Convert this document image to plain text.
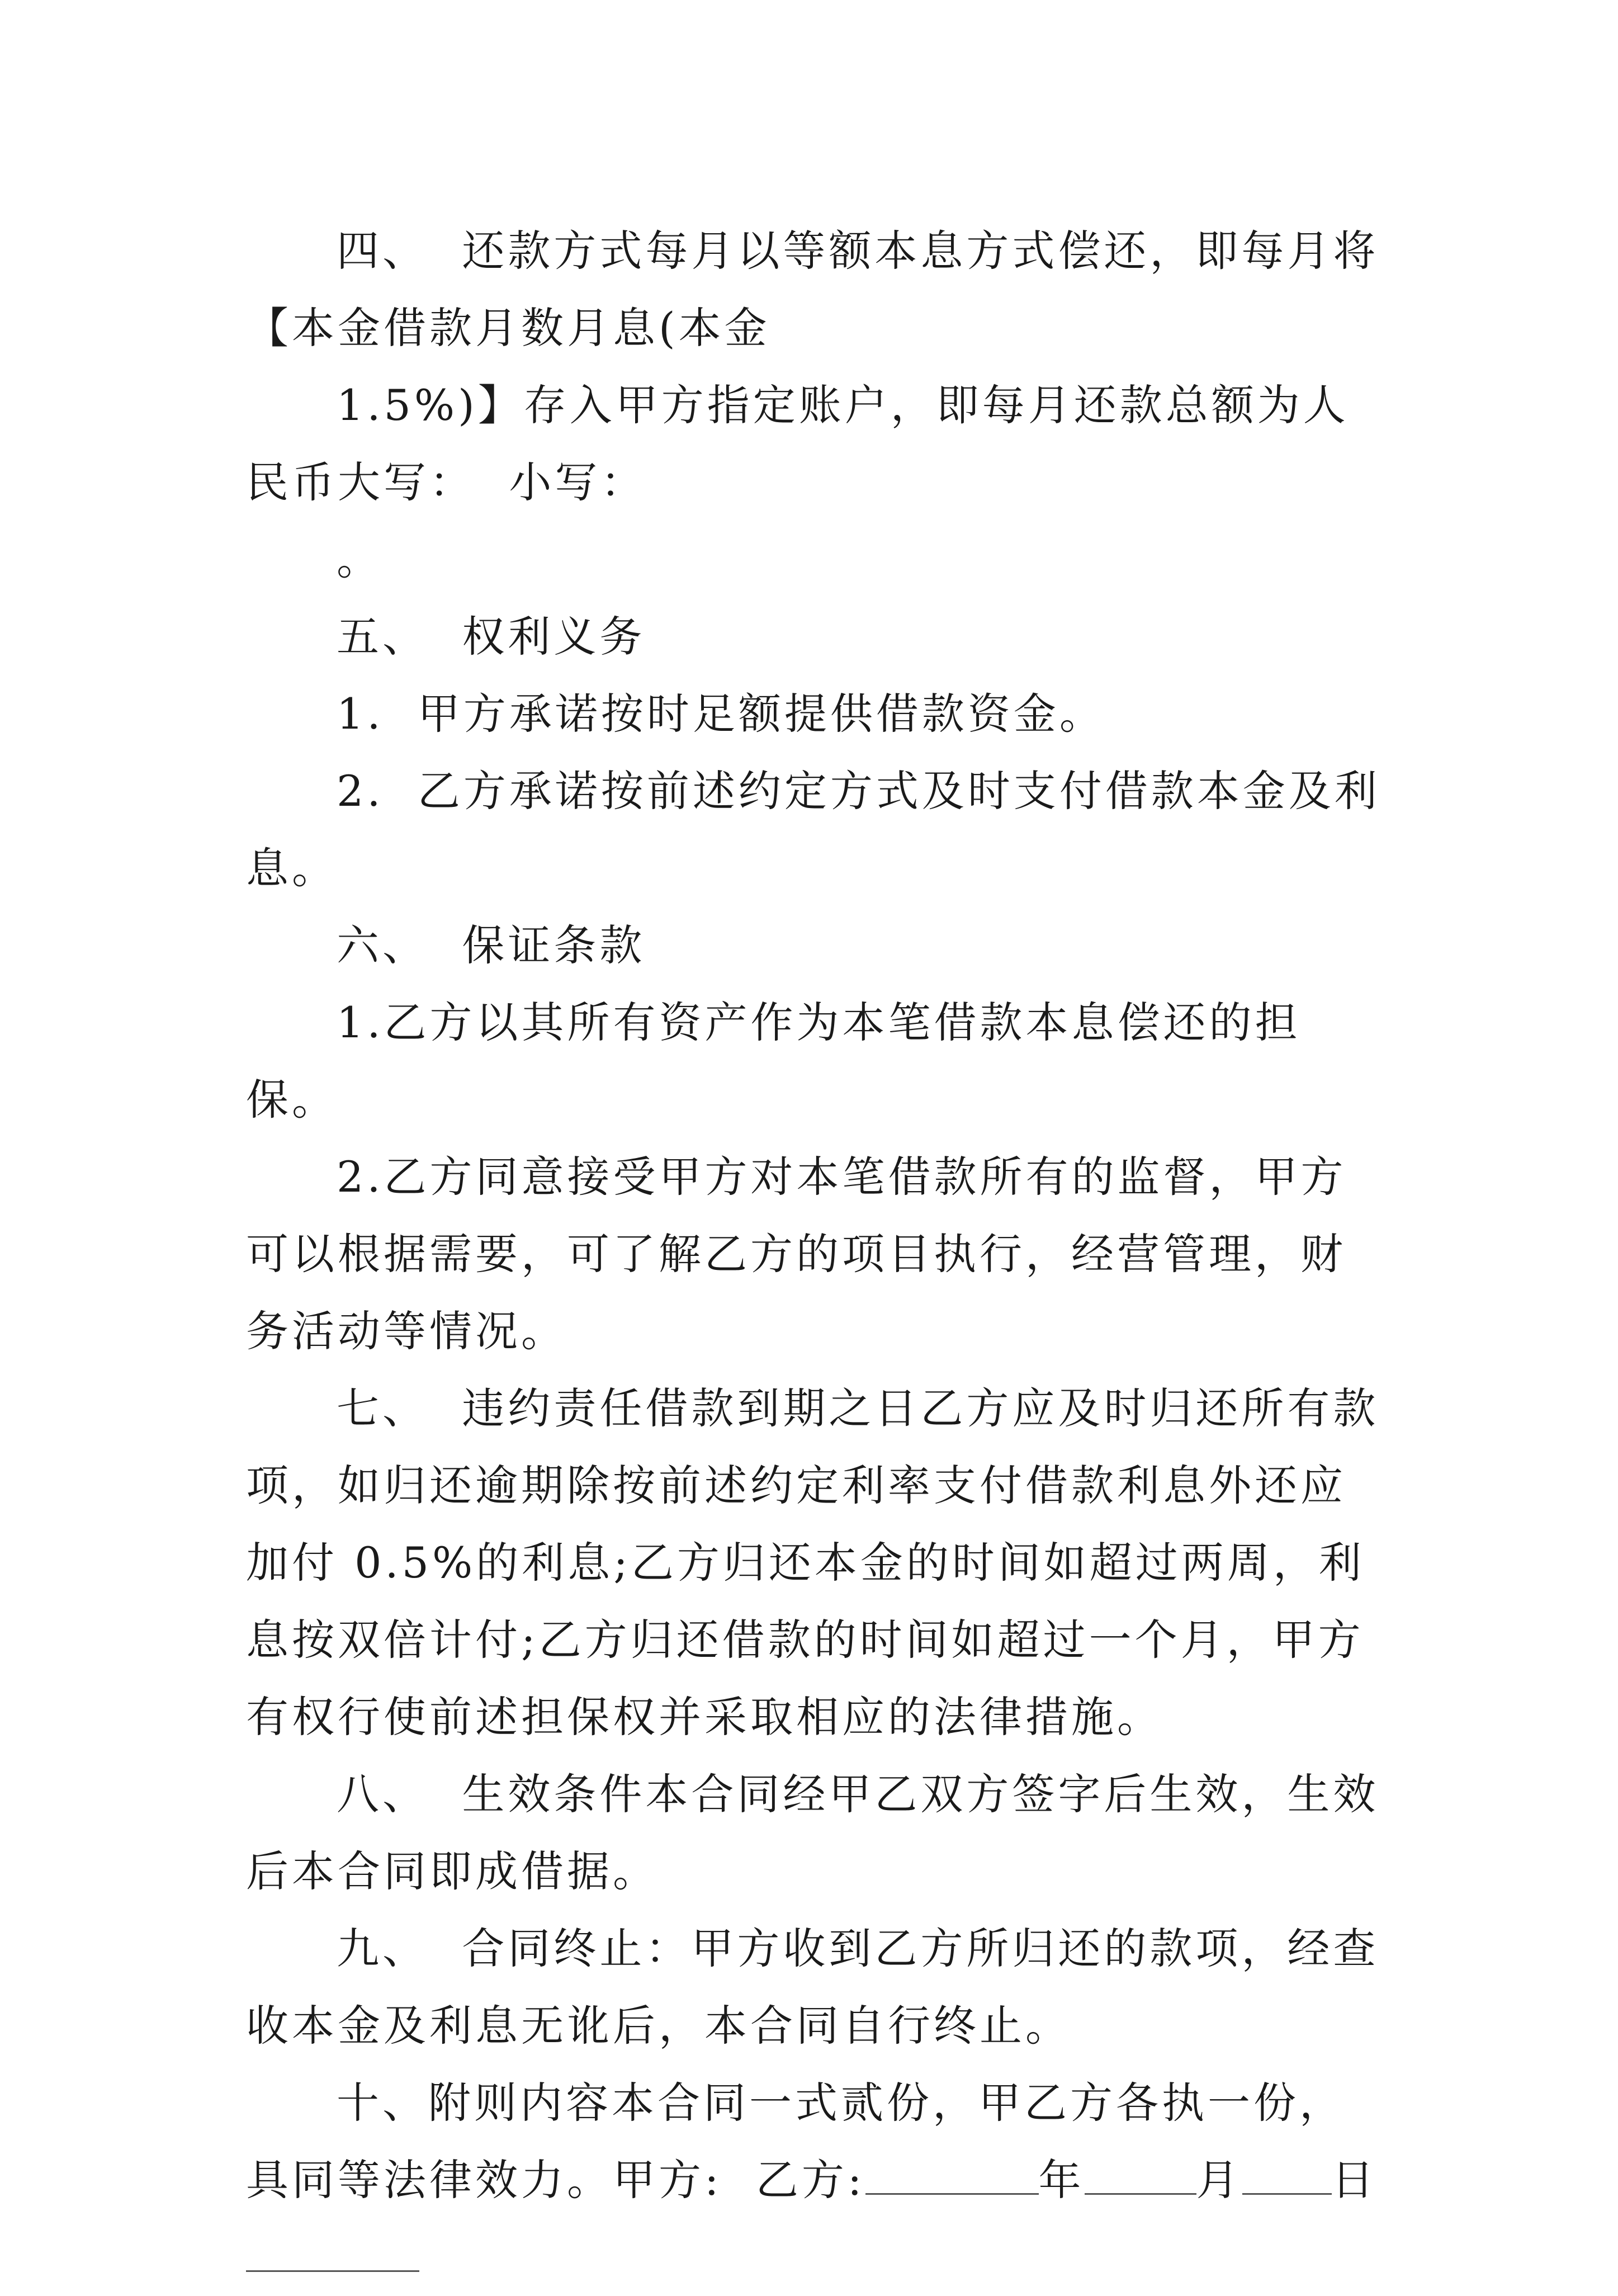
四、  还款方式每月以等额本息方式偿还，即每月将【本金借款月数月息(本金

1.5%)】存入甲方指定账户，即每月还款总额为人民币大写：  小写：

。

五、  权利义务

1.  甲方承诺按时足额提供借款资金。

2.  乙方承诺按前述约定方式及时支付借款本金及利息。

六、  保证条款

1.乙方以其所有资产作为本笔借款本息偿还的担保。

2.乙方同意接受甲方对本笔借款所有的监督，甲方可以根据需要，可了解乙方的项目执行，经营管理，财务活动等情况。

七、  违约责任借款到期之日乙方应及时归还所有款项，如归还逾期除按前述约定利率支付借款利息外还应加付 0.5%的利息;乙方归还本金的时间如超过两周，利息按双倍计付;乙方归还借款的时间如超过一个月，甲方有权行使前述担保权并采取相应的法律措施。

八、  生效条件本合同经甲乙双方签字后生效，生效后本合同即成借据。

九、  合同终止：甲方收到乙方所归还的款项，经查收本金及利息无讹后，本合同自行终止。

十、附则内容本合同一式贰份，甲乙方各执一份，具同等法律效力。甲方:  乙方:	年	月 日
